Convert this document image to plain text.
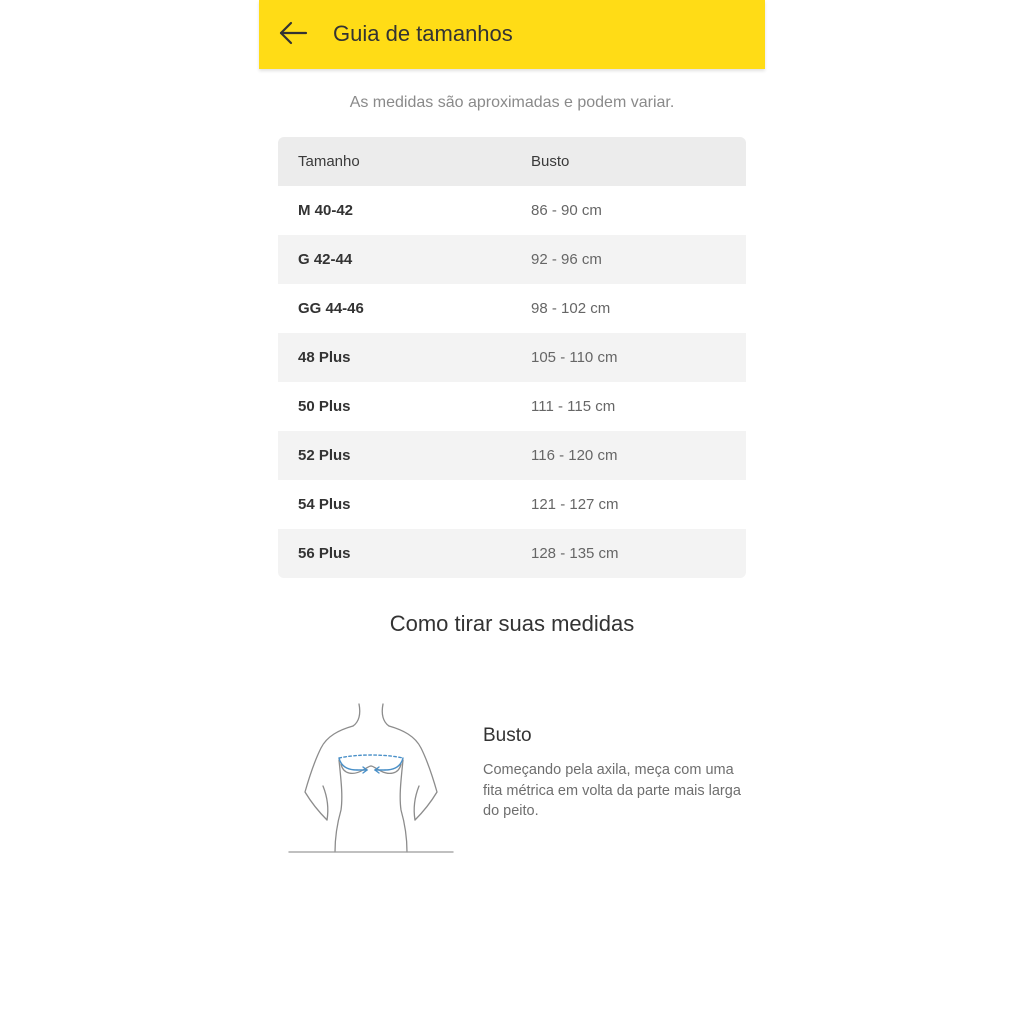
Guia de tamanhos
As medidas são aproximadas e podem variar.
Tamanho	Busto
M 40-42	86 - 90 cm
G 42-44	92 - 96 cm
GG 44-46	98 - 102 cm
48 Plus	105 - 110 cm
50 Plus	111 - 115 cm
52 Plus	116 - 120 cm
54 Plus	121 - 127 cm
56 Plus	128 - 135 cm
Como tirar suas medidas
Busto
Começando pela axila, meça com uma fita métrica em volta da parte mais larga do peito.
